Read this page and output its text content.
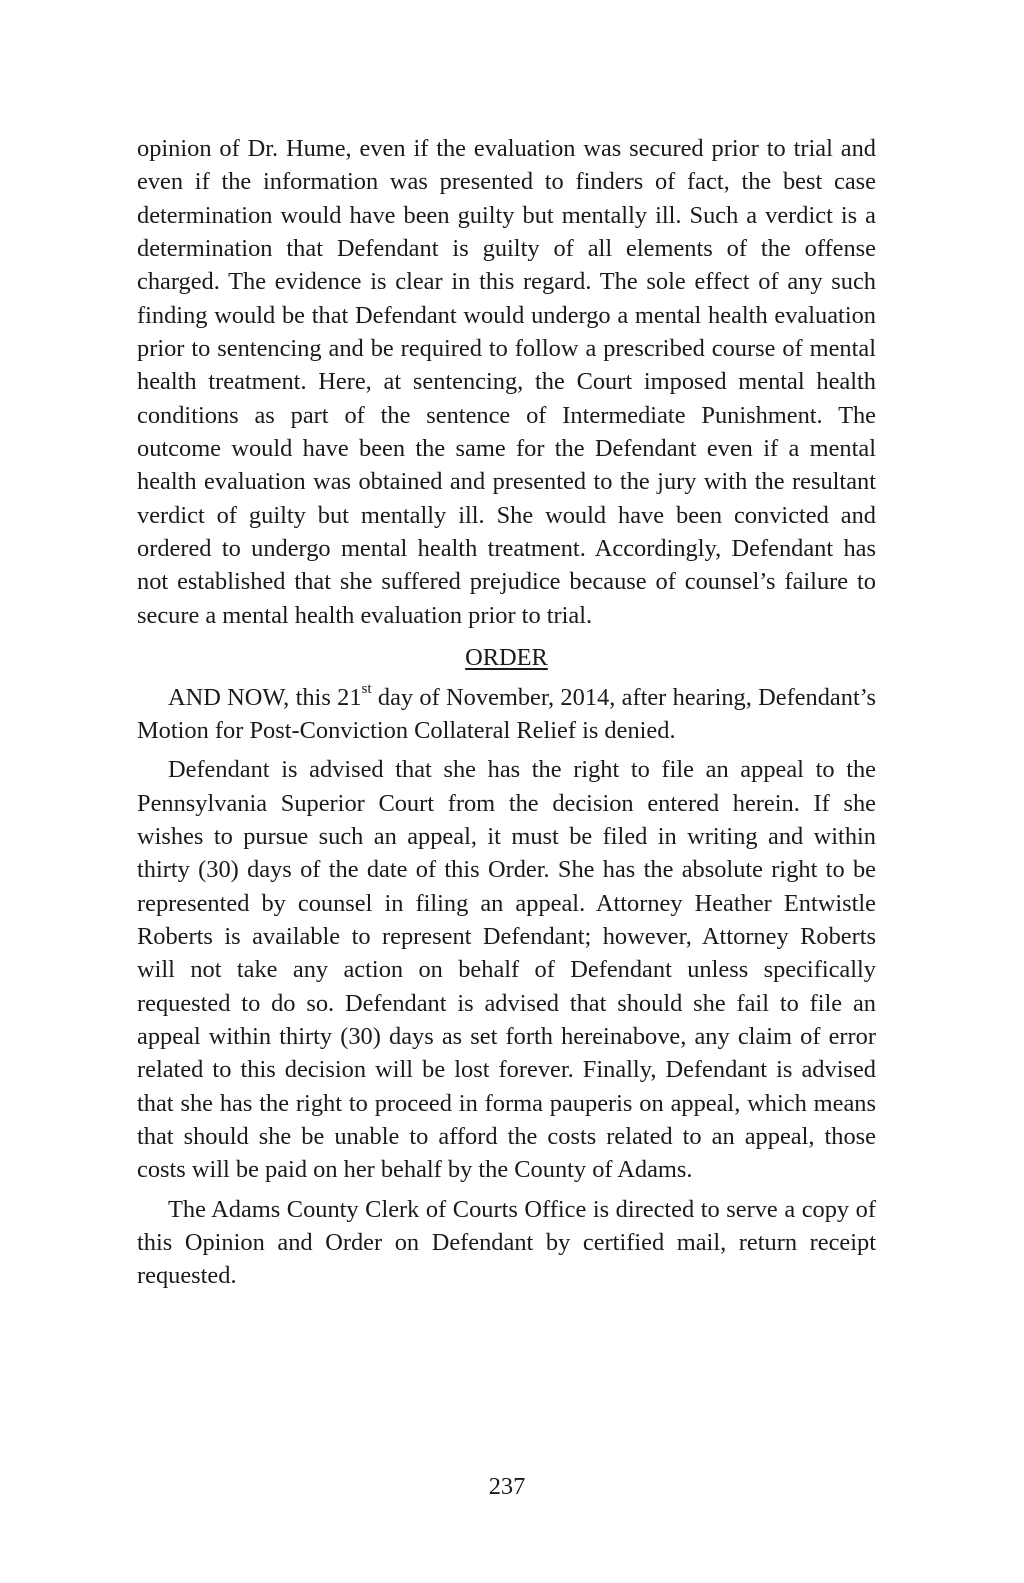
opinion of Dr. Hume, even if the evaluation was secured prior to trial and even if the information was presented to finders of fact, the best case determination would have been guilty but mentally ill. Such a verdict is a determination that Defendant is guilty of all elements of the offense charged. The evidence is clear in this regard. The sole effect of any such finding would be that Defendant would undergo a mental health evaluation prior to sentencing and be required to follow a prescribed course of mental health treatment. Here, at sentencing, the Court imposed mental health conditions as part of the sentence of Intermediate Punishment. The outcome would have been the same for the Defendant even if a mental health evaluation was obtained and presented to the jury with the resultant verdict of guilty but mentally ill. She would have been convicted and ordered to undergo mental health treatment. Accordingly, Defendant has not established that she suffered prejudice because of counsel’s failure to secure a mental health evaluation prior to trial.

ORDER

AND NOW, this 21st day of November, 2014, after hearing, Defendant’s Motion for Post-Conviction Collateral Relief is denied.

Defendant is advised that she has the right to file an appeal to the Pennsylvania Superior Court from the decision entered herein. If she wishes to pursue such an appeal, it must be filed in writing and within thirty (30) days of the date of this Order. She has the absolute right to be represented by counsel in filing an appeal. Attorney Heather Entwistle Roberts is available to represent Defendant; however, Attorney Roberts will not take any action on behalf of Defendant unless specifically requested to do so. Defendant is advised that should she fail to file an appeal within thirty (30) days as set forth hereinabove, any claim of error related to this decision will be lost forever. Finally, Defendant is advised that she has the right to proceed in forma pauperis on appeal, which means that should she be unable to afford the costs related to an appeal, those costs will be paid on her behalf by the County of Adams.

The Adams County Clerk of Courts Office is directed to serve a copy of this Opinion and Order on Defendant by certified mail, return receipt requested.

237
